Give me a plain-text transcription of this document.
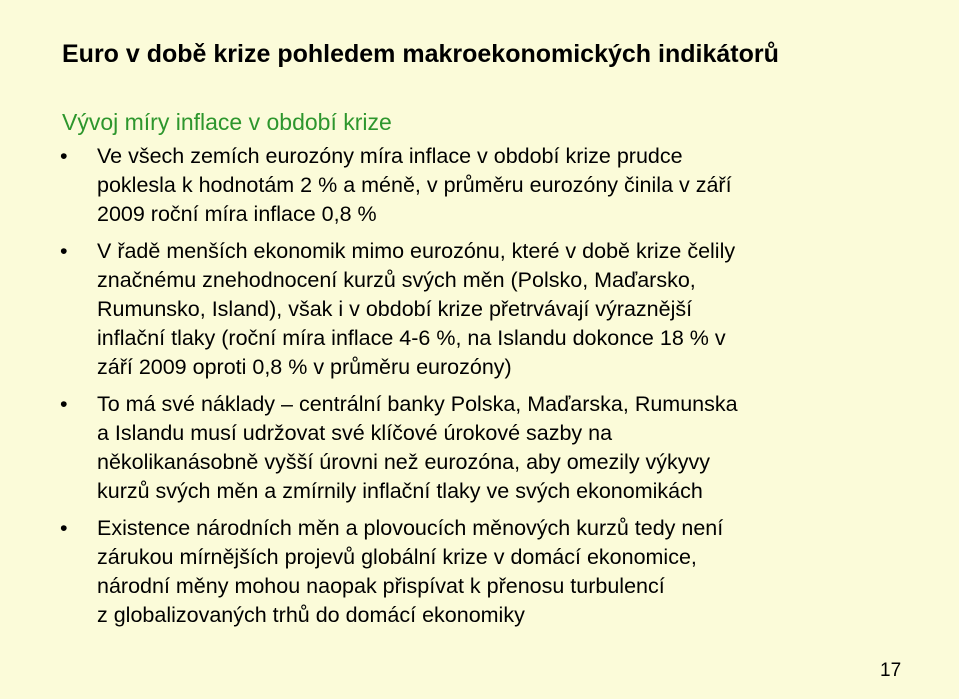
Euro v době krize pohledem makroekonomických indikátorů
Vývoj míry inflace v období krize
• Ve všech zemích eurozóny míra inflace v období krize prudce
poklesla k hodnotám 2 % a méně, v průměru eurozóny činila v září
2009 roční míra inflace 0,8 %
• V řadě menších ekonomik mimo eurozónu, které v době krize čelily
značnému znehodnocení kurzů svých měn (Polsko, Maďarsko,
Rumunsko, Island), však i v období krize přetrvávají výraznější
inflační tlaky (roční míra inflace 4-6 %, na Islandu dokonce 18 % v
září 2009 oproti 0,8 % v průměru eurozóny)
• To má své náklady – centrální banky Polska, Maďarska, Rumunska
a Islandu musí udržovat své klíčové úrokové sazby na
několikanásobně vyšší úrovni než eurozóna, aby omezily výkyvy
kurzů svých měn a zmírnily inflační tlaky ve svých ekonomikách
• Existence národních měn a plovoucích měnových kurzů tedy není
zárukou mírnějších projevů globální krize v domácí ekonomice,
národní měny mohou naopak přispívat k přenosu turbulencí
z globalizovaných trhů do domácí ekonomiky
17
